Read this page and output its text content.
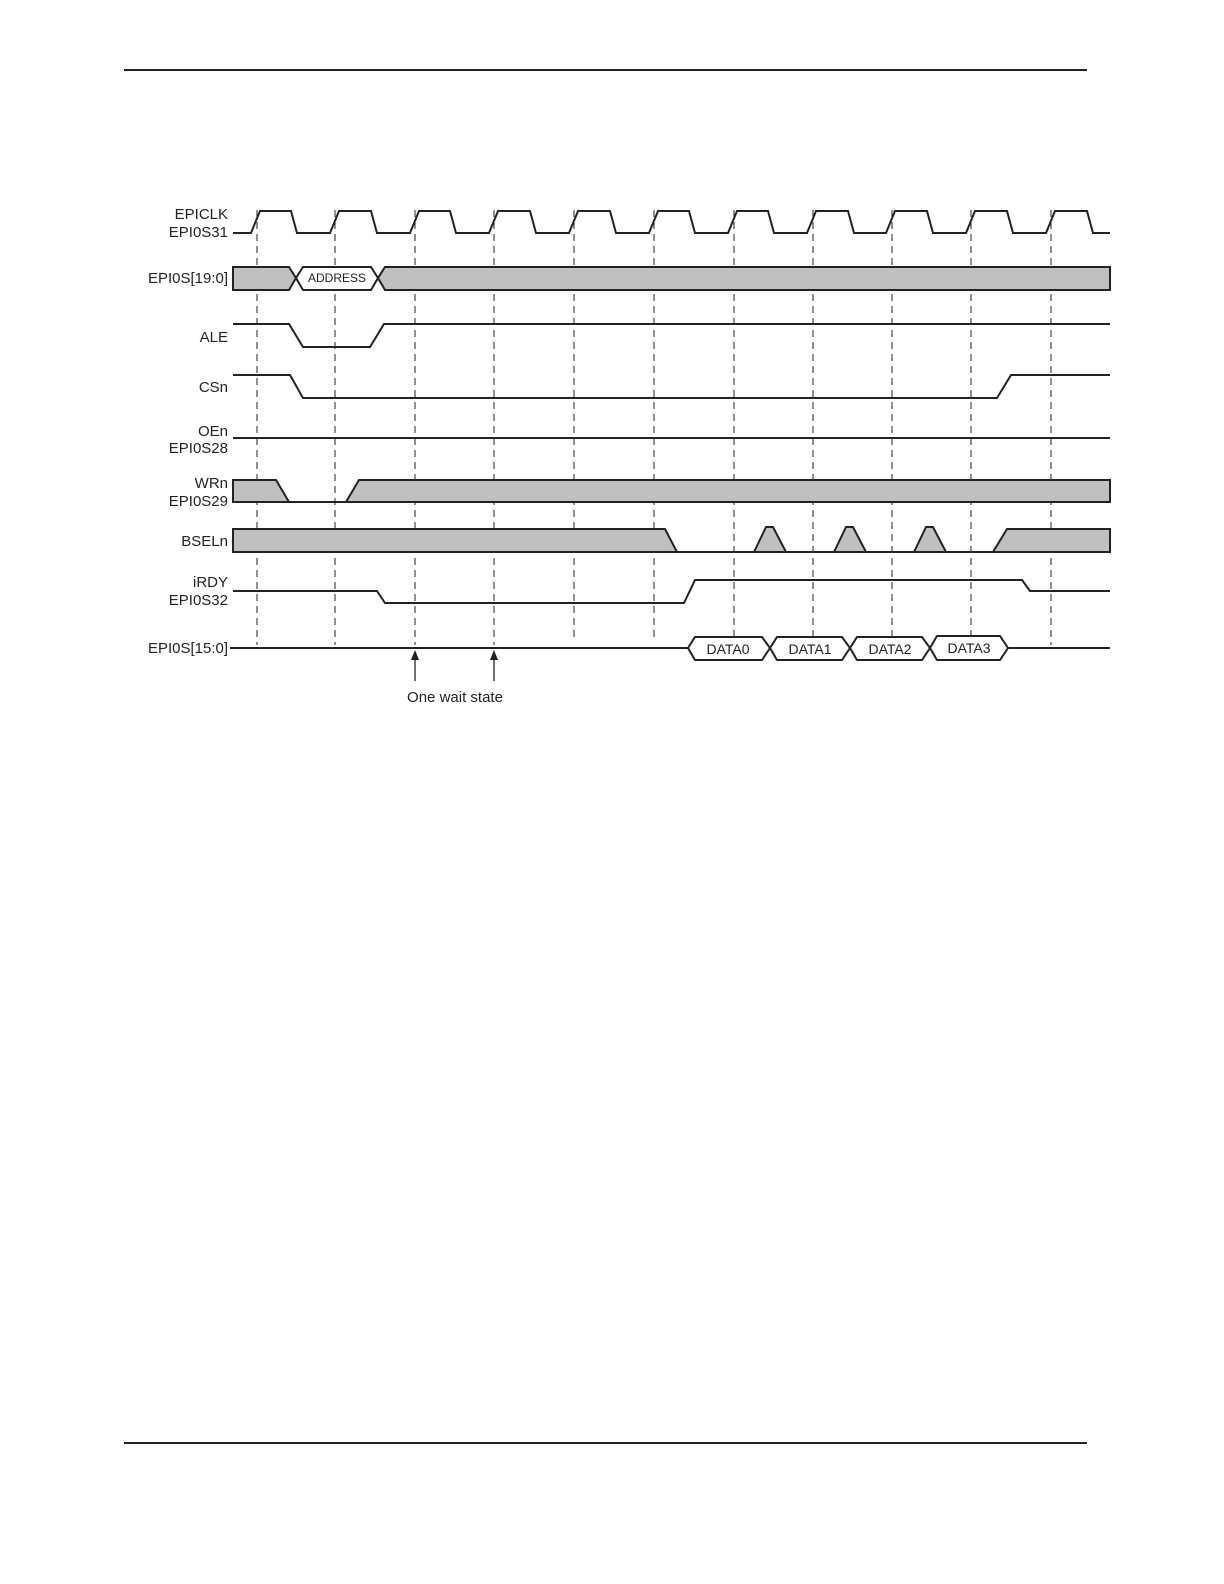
EPICLK
EPI0S31
EPI0S[19:0]
ALE
CSn
OEn
EPI0S28
WRn
EPI0S29
BSELn
iRDY
EPI0S32
EPI0S[15:0]
ADDRESS
DATA0	DATA1	DATA2	DATA3
One wait state
